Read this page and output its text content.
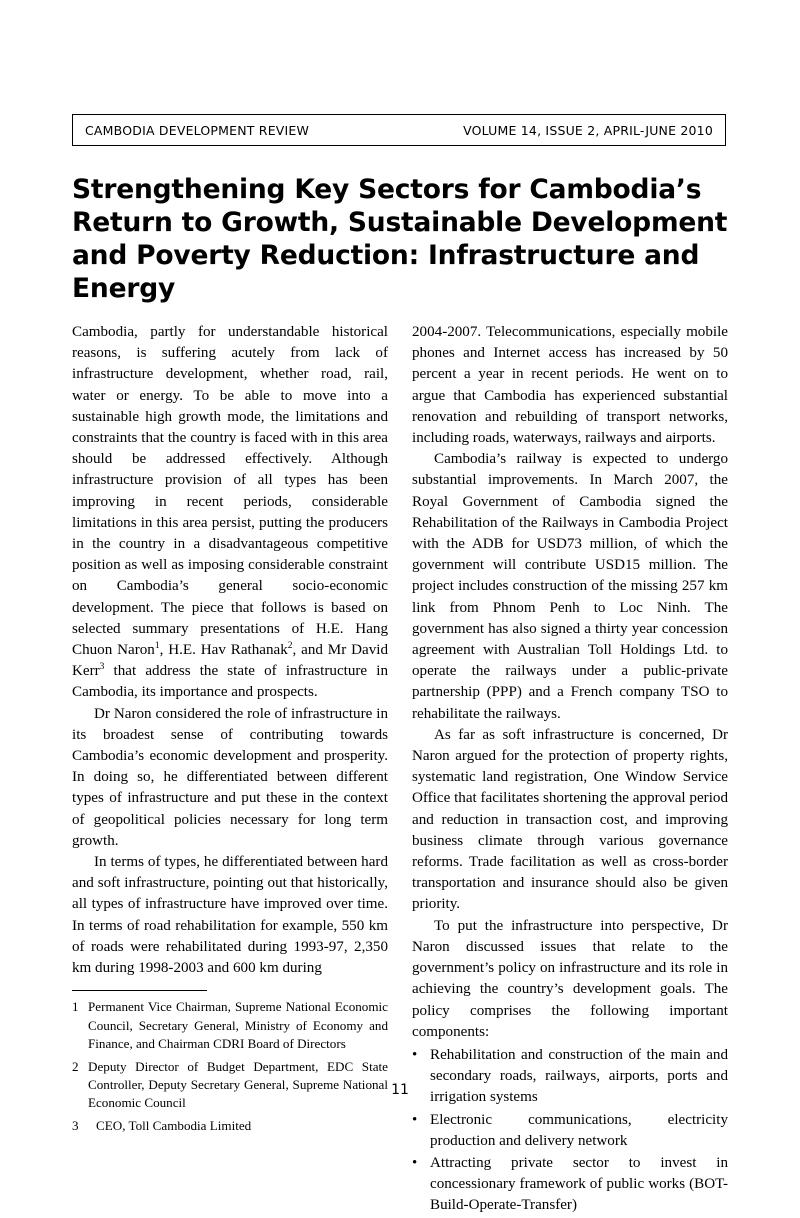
CAMBODIA DEVELOPMENT REVIEW	VOLUME 14, ISSUE 2, APRIL-JUNE 2010
Strengthening Key Sectors for Cambodia’s Return to Growth, Sustainable Development and Poverty Reduction: Infrastructure and Energy

Cambodia, partly for understandable historical reasons, is suffering acutely from lack of infrastructure development, whether road, rail, water or energy. To be able to move into a sustainable high growth mode, the limitations and constraints that the country is faced with in this area should be addressed effectively. Although infrastructure provision of all types has been improving in recent periods, considerable limitations in this area persist, putting the producers in the country in a disadvantageous competitive position as well as imposing considerable constraint on Cambodia’s general socio-economic development. The piece that follows is based on selected summary presentations of H.E. Hang Chuon Naron$^1$, H.E. Hav Rathanak$^2$, and Mr David Kerr$^3$ that address the state of infrastructure in Cambodia, its importance and prospects.

Dr Naron considered the role of infrastructure in its broadest sense of contributing towards Cambodia’s economic development and prosperity. In doing so, he differentiated between different types of infrastructure and put these in the context of geopolitical policies necessary for long term growth.

In terms of types, he differentiated between hard and soft infrastructure, pointing out that historically, all types of infrastructure have improved over time. In terms of road rehabilitation for example, 550 km of roads were rehabilitated during 1993-97, 2,350 km during 1998-2003 and 600 km during

1 Permanent Vice Chairman, Supreme National Economic Council, Secretary General, Ministry of Economy and Finance, and Chairman CDRI Board of Directors
2 Deputy Director of Budget Department, EDC State Controller, Deputy Secretary General, Supreme National Economic Council
3	CEO, Toll Cambodia Limited

2004-2007. Telecommunications, especially mobile phones and Internet access has increased by 50 percent a year in recent periods. He went on to argue that Cambodia has experienced substantial renovation and rebuilding of transport networks, including roads, waterways, railways and airports.

Cambodia’s railway is expected to undergo substantial improvements. In March 2007, the Royal Government of Cambodia signed the Rehabilitation of the Railways in Cambodia Project with the ADB for USD73 million, of which the government will contribute USD15 million. The project includes construction of the missing 257 km link from Phnom Penh to Loc Ninh. The government has also signed a thirty year concession agreement with Australian Toll Holdings Ltd. to operate the railways under a public-private partnership (PPP) and a French company TSO to rehabilitate the railways.

As far as soft infrastructure is concerned, Dr Naron argued for the protection of property rights, systematic land registration, One Window Service Office that facilitates shortening the approval period and reduction in transaction cost, and improving business climate through various governance reforms. Trade facilitation as well as cross-border transportation and insurance should also be given priority.

To put the infrastructure into perspective, Dr Naron discussed issues that relate to the government’s policy on infrastructure and its role in achieving the country’s development goals. The policy comprises the following important components:

• Rehabilitation and construction of the main and secondary roads, railways, airports, ports and irrigation systems
• Electronic communications, electricity production and delivery network
• Attracting private sector to invest in concessionary framework of public works (BOT-Build-Operate-Transfer)
11
